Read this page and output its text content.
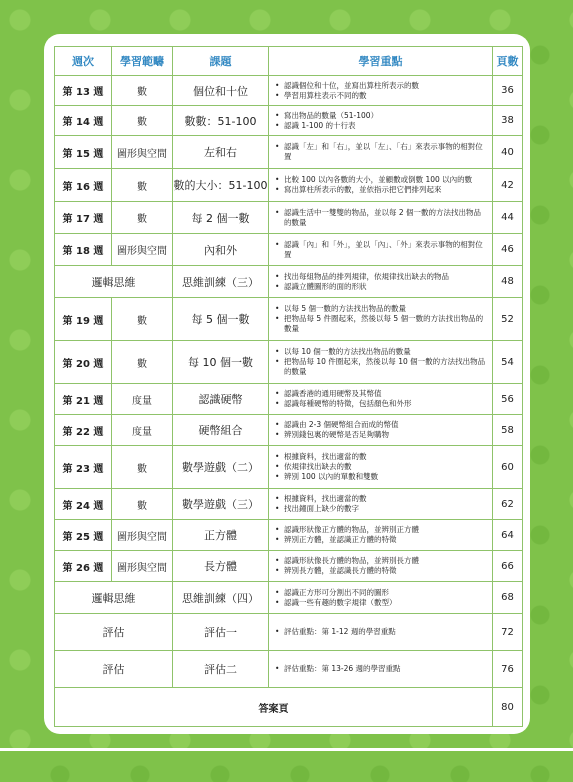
週次	學習範疇	課題	學習重點	頁數
第 13 週	數	個位和十位	• 認識個位和十位，並寫出算柱所表示的數
• 學習用算柱表示不同的數	36
第 14 週	數	數數：51-100	• 寫出物品的數量（51-100）
• 認識 1-100 的十行表	38
第 15 週	圖形與空間	左和右	• 認識「左」和「右」，並以「左」、「右」來表示事物的相對位置	40
第 16 週	數	數的大小：51-100	• 比較 100 以內各數的大小，並顧數或倒數 100 以內的數
• 寫出算柱所表示的數，並依指示把它們排列起來	42
第 17 週	數	每 2 個一數	• 認識生活中一雙雙的物品，並以每 2 個一數的方法找出物品的數量	44
第 18 週	圖形與空間	內和外	• 認識「內」和「外」，並以「內」、「外」來表示事物的相對位置	46
邏輯思維		思維訓練（三）	• 找出每組物品的排列規律，依規律找出缺去的物品
• 認識立體圖形的面的形狀	48
第 19 週	數	每 5 個一數	• 以每 5 個一數的方法找出物品的數量
• 把物品每 5 件圈起來，然後以每 5 個一數的方法找出物品的數量	52
第 20 週	數	每 10 個一數	• 以每 10 個一數的方法找出物品的數量
• 把物品每 10 件圈起來，然後以每 10 個一數的方法找出物品的數量	54
第 21 週	度量	認識硬幣	• 認識香港的通用硬幣及其幣值
• 認識每種硬幣的特徵，包括顏色和外形	56
第 22 週	度量	硬幣組合	• 認識由 2-3 個硬幣組合而成的幣值
• 辨別錢包裏的硬幣是否足夠購物	58
第 23 週	數	數學遊戲（二）	• 根據資料，找出適當的數
• 依規律找出缺去的數
• 辨別 100 以內的單數和雙數	60
第 24 週	數	數學遊戲（三）	• 根據資料，找出適當的數
• 找出鐘面上缺少的數字	62
第 25 週	圖形與空間	正方體	• 認識形狀像正方體的物品，並辨別正方體
• 辨別正方體，並認識正方體的特徵	64
第 26 週	圖形與空間	長方體	• 認識形狀像長方體的物品，並辨別長方體
• 辨別長方體，並認識長方體的特徵	66
邏輯思維		思維訓練（四）	• 認識正方形可分割出不同的圖形
• 認識一些有趣的數字規律（數型）	68
評估		評估一	• 評估重點：第 1-12 週的學習重點	72
評估		評估二	• 評估重點：第 13-26 週的學習重點	76
答案頁				80
